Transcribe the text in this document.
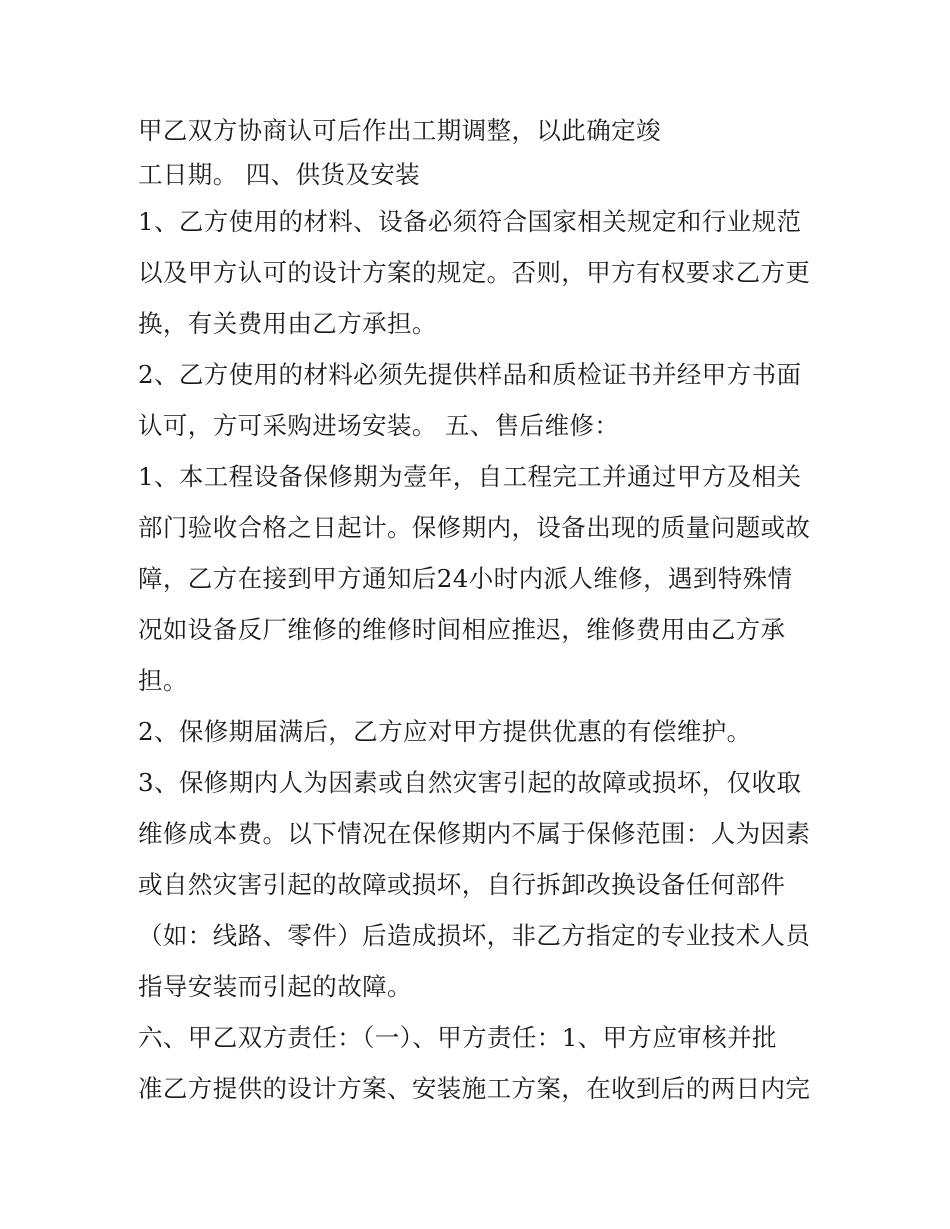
甲乙双方协商认可后作出工期调整，以此确定竣
工日期。 四、供货及安装
1、乙方使用的材料、设备必须符合国家相关规定和行业规范
以及甲方认可的设计方案的规定。否则，甲方有权要求乙方更
换，有关费用由乙方承担。
2、乙方使用的材料必须先提供样品和质检证书并经甲方书面
认可，方可采购进场安装。 五、售后维修：
1、本工程设备保修期为壹年，自工程完工并通过甲方及相关
部门验收合格之日起计。保修期内，设备出现的质量问题或故
障，乙方在接到甲方通知后24小时内派人维修，遇到特殊情
况如设备反厂维修的维修时间相应推迟，维修费用由乙方承
担。
2、保修期届满后，乙方应对甲方提供优惠的有偿维护。
3、保修期内人为因素或自然灾害引起的故障或损坏，仅收取
维修成本费。以下情况在保修期内不属于保修范围：人为因素
或自然灾害引起的故障或损坏，自行拆卸改换设备任何部件
（如：线路、零件）后造成损坏，非乙方指定的专业技术人员
指导安装而引起的故障。
六、甲乙双方责任：（一）、甲方责任：1、甲方应审核并批
准乙方提供的设计方案、安装施工方案，在收到后的两日内完
